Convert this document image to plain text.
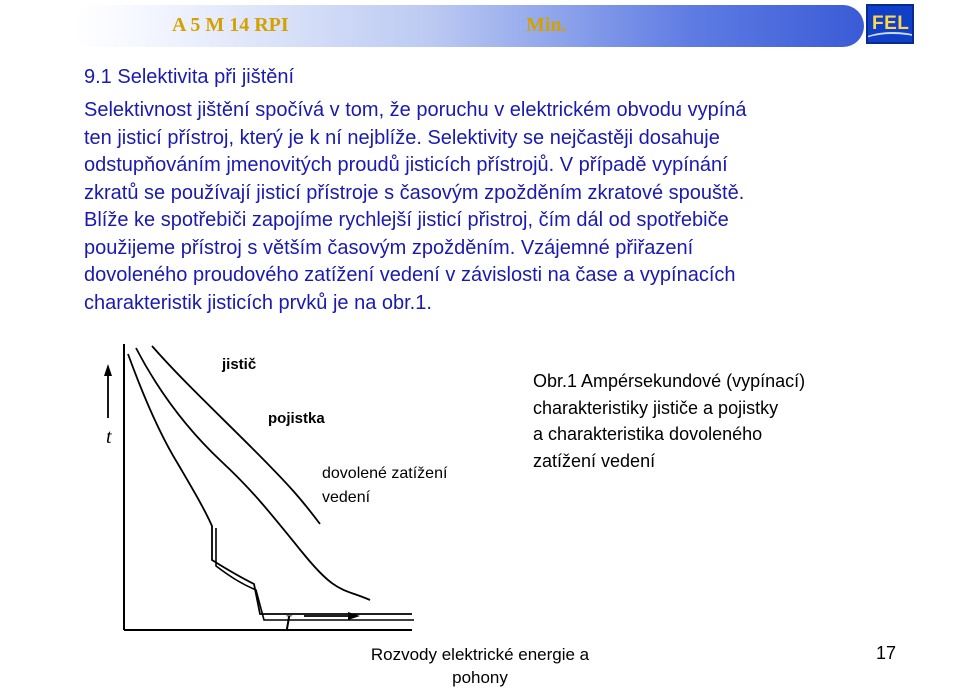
A 5 M 14 RPI	Min.	FEL
9.1 Selektivita při jištění
Selektivnost jištění spočívá v tom, že poruchu v elektrickém obvodu vypíná
ten jisticí přístroj, který je k ní nejblíže. Selektivity se nejčastěji dosahuje
odstupňováním jmenovitých proudů jisticích přístrojů. V případě vypínání
zkratů se používají jisticí přístroje s časovým zpožděním zkratové spouště.
Blíže ke spotřebiči zapojíme rychlejší jisticí přistroj, čím dál od spotřebiče
použijeme přístroj s větším časovým zpožděním. Vzájemné přiřazení
dovoleného proudového zatížení vedení v závislosti na čase a vypínacích
charakteristik jisticích prvků je na obr.1.
jistič
pojistka
dovolené zatížení
vedení
t
I
Obr.1 Ampérsekundové (vypínací)
charakteristiky jističe a pojistky
a charakteristika dovoleného
zatížení vedení
Rozvody elektrické energie a
pohony
17
